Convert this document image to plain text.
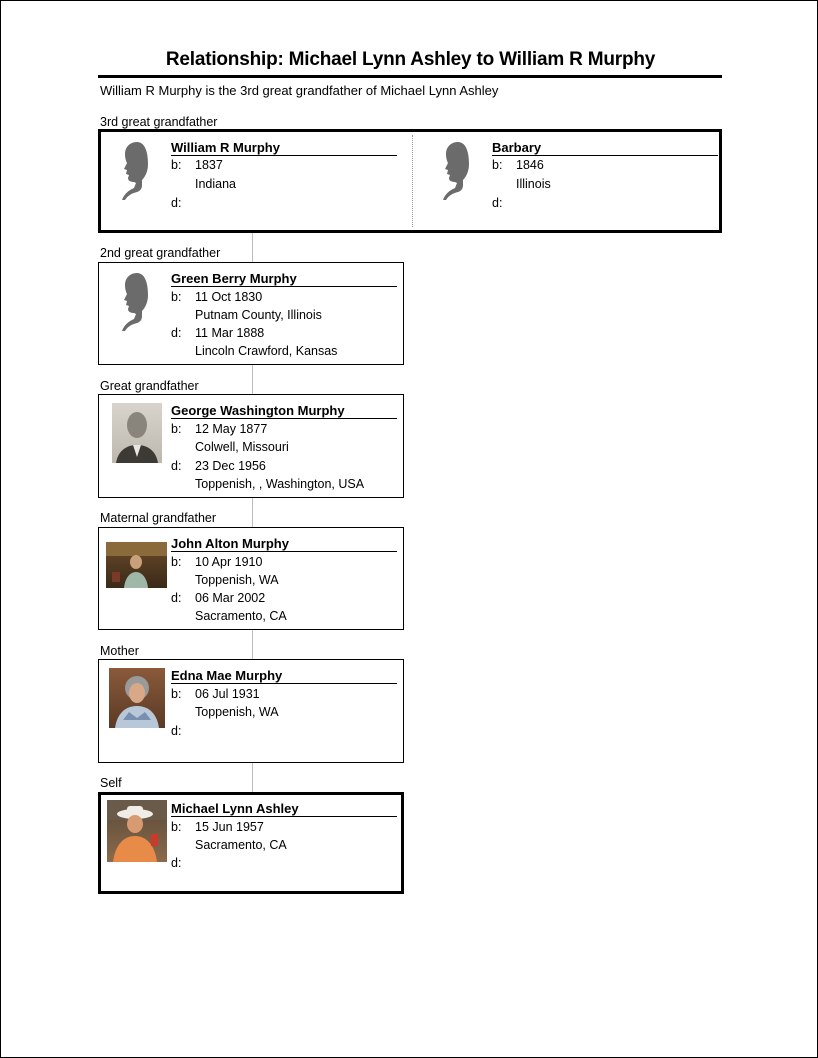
Relationship: Michael Lynn Ashley to William R Murphy
William R Murphy is the 3rd great grandfather of Michael Lynn Ashley
3rd great grandfather
William R Murphy
b: 1837
Indiana
d:
Barbary
b: 1846
Illinois
d:
2nd great grandfather
Green Berry Murphy
b: 11 Oct 1830
Putnam County, Illinois
d: 11 Mar 1888
Lincoln Crawford, Kansas
Great grandfather
George Washington Murphy
b: 12 May 1877
Colwell, Missouri
d: 23 Dec 1956
Toppenish, , Washington, USA
Maternal grandfather
John Alton Murphy
b: 10 Apr 1910
Toppenish, WA
d: 06 Mar 2002
Sacramento, CA
Mother
Edna Mae Murphy
b: 06 Jul 1931
Toppenish, WA
d:
Self
Michael Lynn Ashley
b: 15 Jun 1957
Sacramento, CA
d:
